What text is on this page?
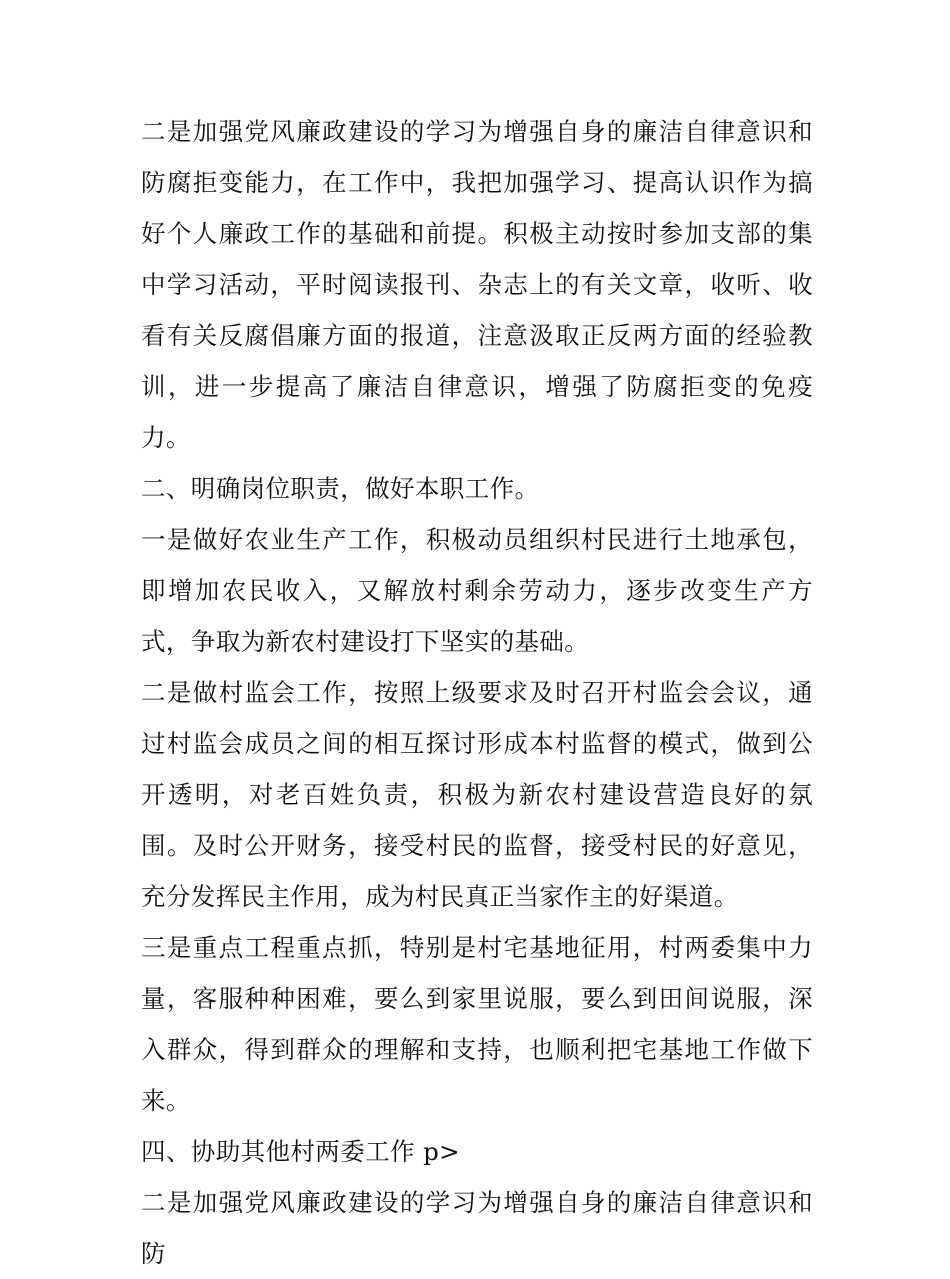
二是加强党风廉政建设的学习为增强自身的廉洁自律意识和防腐拒变能力，在工作中，我把加强学习、提高认识作为搞好个人廉政工作的基础和前提。积极主动按时参加支部的集中学习活动，平时阅读报刊、杂志上的有关文章，收听、收看有关反腐倡廉方面的报道，注意汲取正反两方面的经验教训，进一步提高了廉洁自律意识，增强了防腐拒变的免疫力。

二、明确岗位职责，做好本职工作。

一是做好农业生产工作，积极动员组织村民进行土地承包，即增加农民收入，又解放村剩余劳动力，逐步改变生产方式，争取为新农村建设打下坚实的基础。

二是做村监会工作，按照上级要求及时召开村监会会议，通过村监会成员之间的相互探讨形成本村监督的模式，做到公开透明，对老百姓负责，积极为新农村建设营造良好的氛围。及时公开财务，接受村民的监督，接受村民的好意见，充分发挥民主作用，成为村民真正当家作主的好渠道。

三是重点工程重点抓，特别是村宅基地征用，村两委集中力量，客服种种困难，要么到家里说服，要么到田间说服，深入群众，得到群众的理解和支持，也顺利把宅基地工作做下来。

四、协助其他村两委工作 p>

二是加强党风廉政建设的学习为增强自身的廉洁自律意识和防
